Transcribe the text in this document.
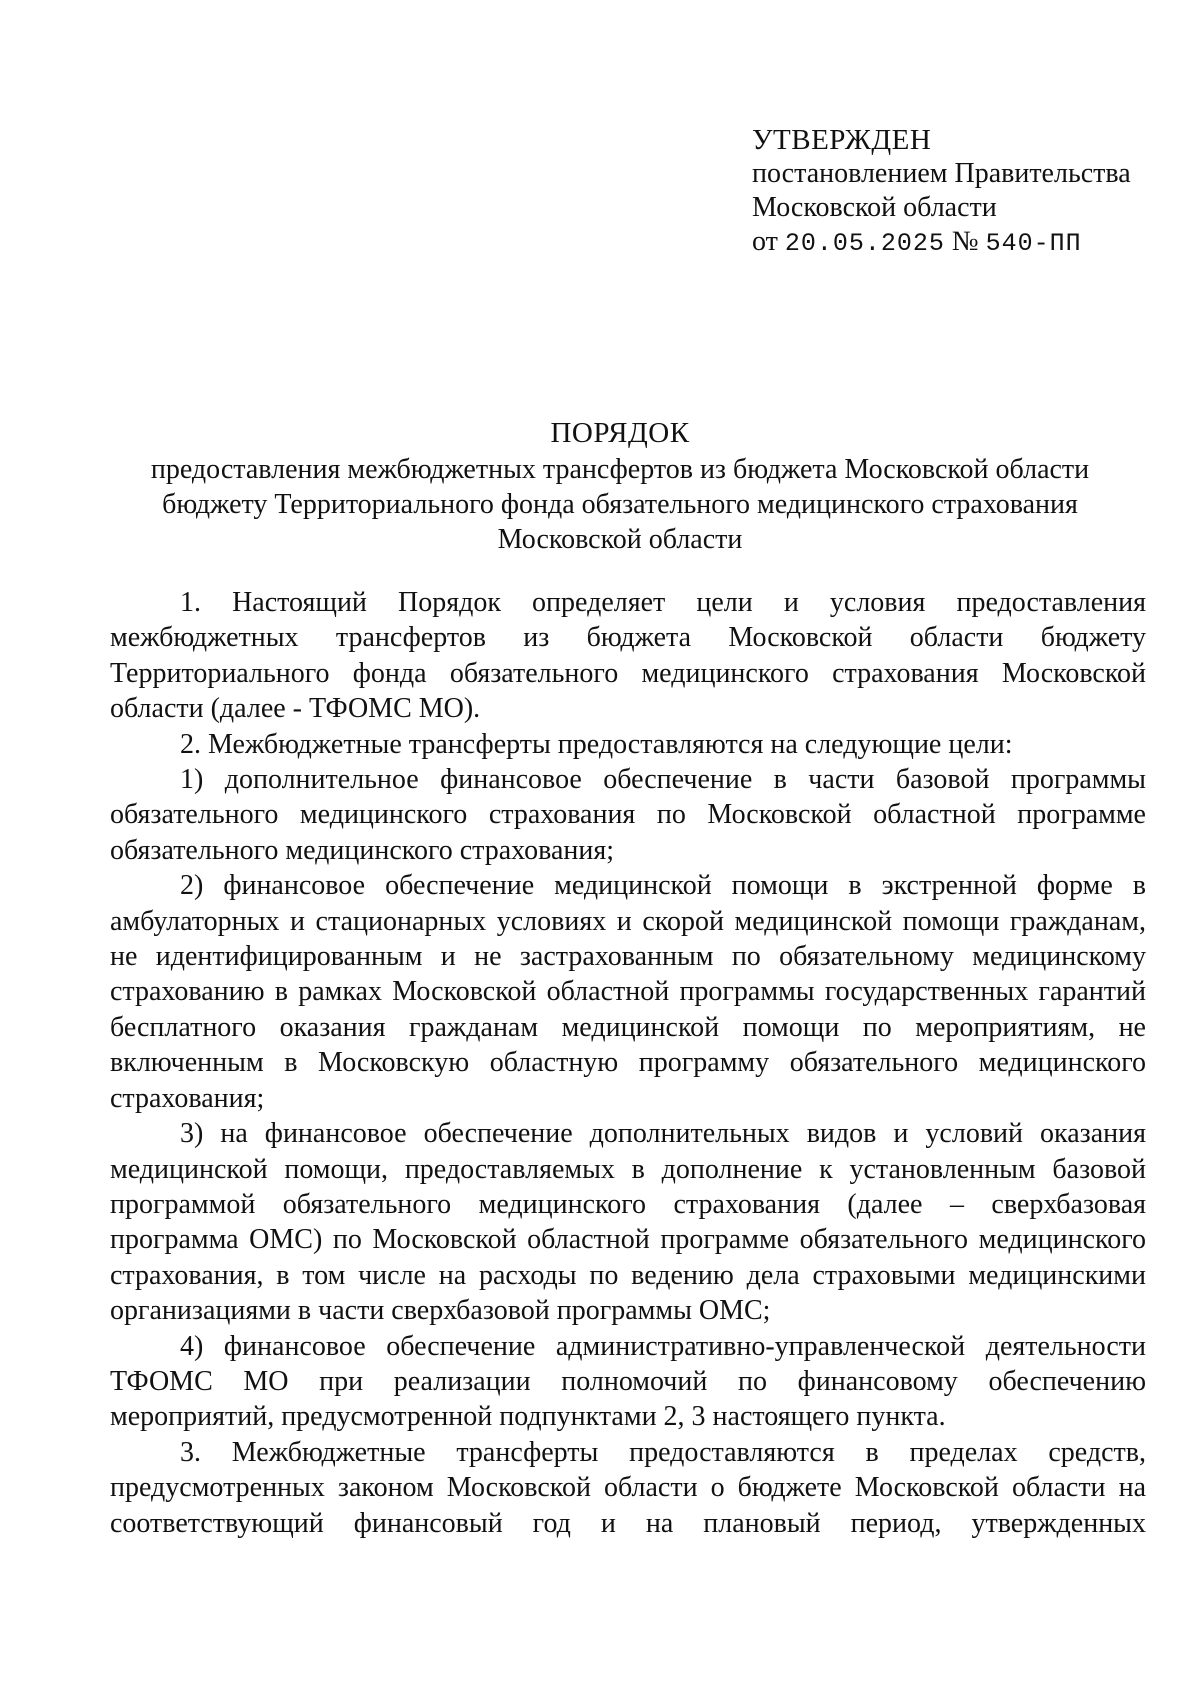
УТВЕРЖДЕН
постановлением Правительства
Московской области
от 20.05.2025 № 540-ПП
ПОРЯДОК
предоставления межбюджетных трансфертов из бюджета Московской области бюджету Территориального фонда обязательного медицинского страхования Московской области

1. Настоящий Порядок определяет цели и условия предоставления межбюджетных трансфертов из бюджета Московской области бюджету Территориального фонда обязательного медицинского страхования Московской области (далее - ТФОМС МО).

2. Межбюджетные трансферты предоставляются на следующие цели:

1) дополнительное финансовое обеспечение в части базовой программы обязательного медицинского страхования по Московской областной программе обязательного медицинского страхования;

2) финансовое обеспечение медицинской помощи в экстренной форме в амбулаторных и стационарных условиях и скорой медицинской помощи гражданам, не идентифицированным и не застрахованным по обязательному медицинскому страхованию в рамках Московской областной программы государственных гарантий бесплатного оказания гражданам медицинской помощи по мероприятиям, не включенным в Московскую областную программу обязательного медицинского страхования;

3) на финансовое обеспечение дополнительных видов и условий оказания медицинской помощи, предоставляемых в дополнение к установленным базовой программой обязательного медицинского страхования (далее – сверхбазовая программа ОМС) по Московской областной программе обязательного медицинского страхования, в том числе на расходы по ведению дела страховыми медицинскими организациями в части сверхбазовой программы ОМС;

4) финансовое обеспечение административно-управленческой деятельности ТФОМС МО при реализации полномочий по финансовому обеспечению мероприятий, предусмотренной подпунктами 2, 3 настоящего пункта.

3. Межбюджетные трансферты предоставляются в пределах средств, предусмотренных законом Московской области о бюджете Московской области на соответствующий финансовый год и на плановый период, утвержденных
